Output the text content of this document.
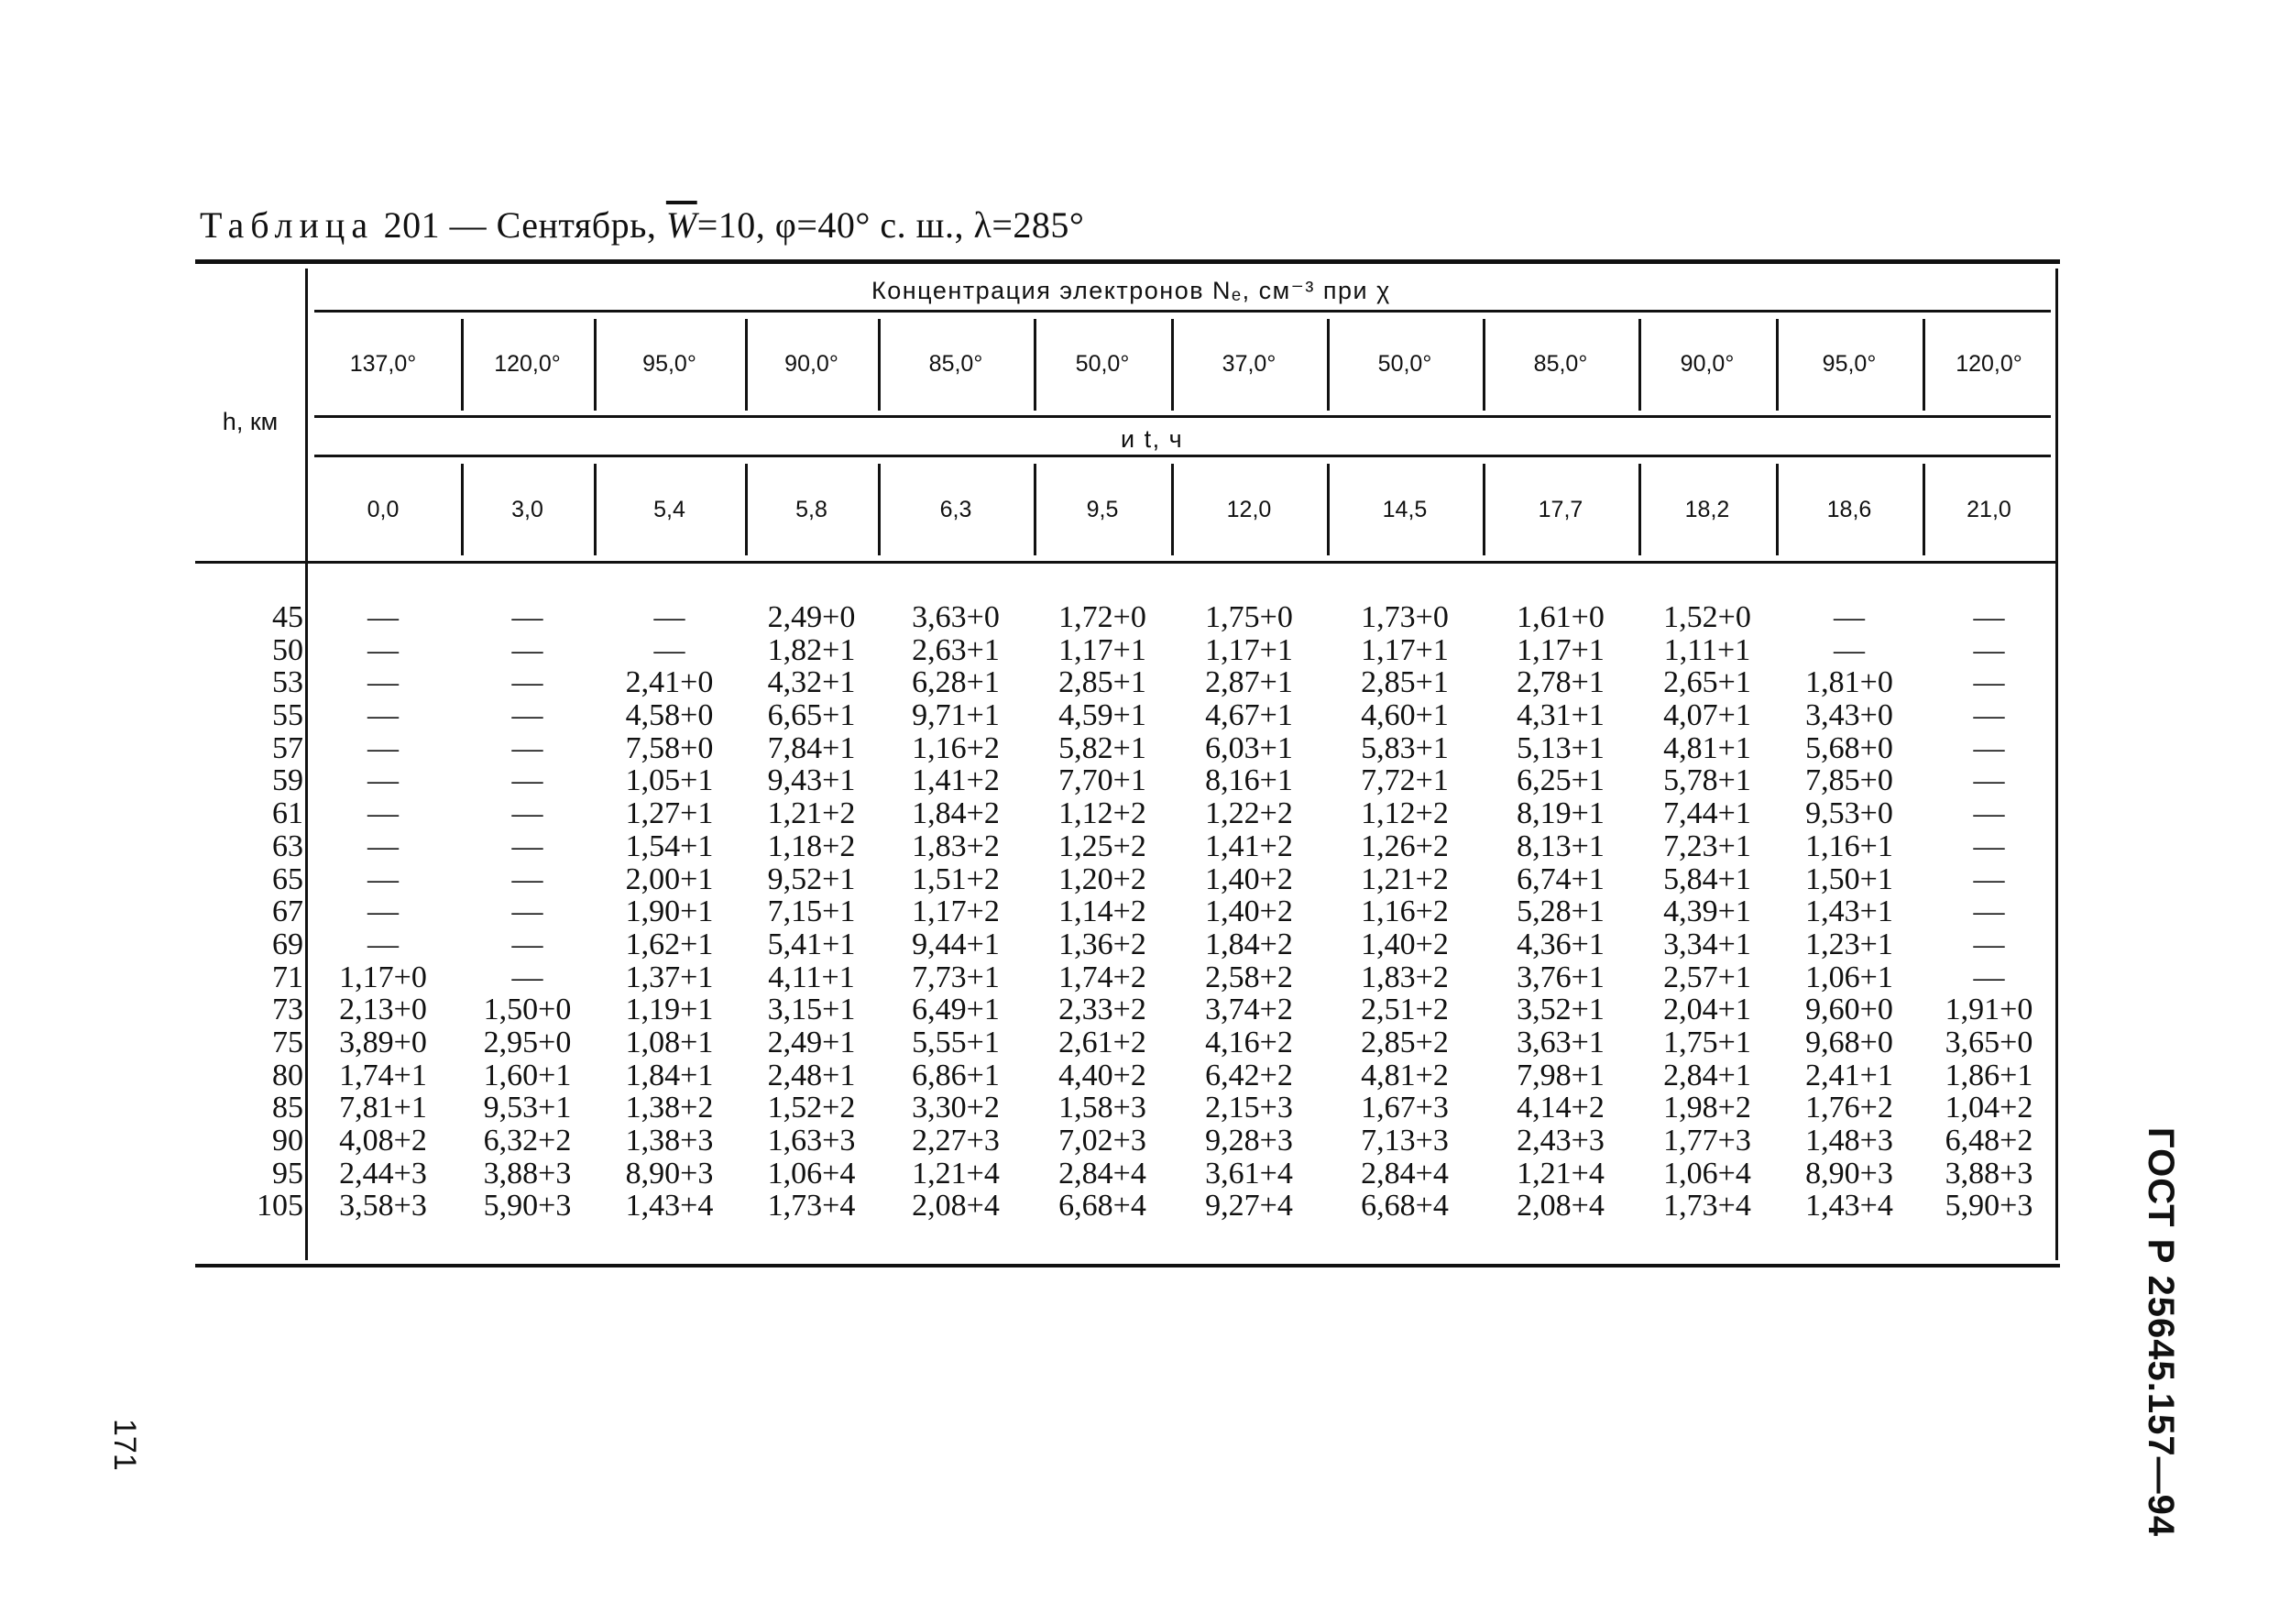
Таблица 201 — Сентябрь, $\overline{W}=10$, φ=40° с. ш., λ=285°
Концентрация электронов Nₑ, см⁻³ при χ
и t, ч
h, км
137,0°
0,0
120,0°
3,0
95,0°
5,4
90,0°
5,8
85,0°
6,3
50,0°
9,5
37,0°
12,0
50,0°
14,5
85,0°
17,7
90,0°
18,2
95,0°
18,6
120,0°
21,0
45
50
53
55
57
59
61
63
65
67
69
71
73
75
80
85
90
95
105
—
—
—
—
—
—
—
—
—
—
—
1,17+0
2,13+0
3,89+0
1,74+1
7,81+1
4,08+2
2,44+3
3,58+3
—
—
—
—
—
—
—
—
—
—
—
—
1,50+0
2,95+0
1,60+1
9,53+1
6,32+2
3,88+3
5,90+3
—
—
2,41+0
4,58+0
7,58+0
1,05+1
1,27+1
1,54+1
2,00+1
1,90+1
1,62+1
1,37+1
1,19+1
1,08+1
1,84+1
1,38+2
1,38+3
8,90+3
1,43+4
2,49+0
1,82+1
4,32+1
6,65+1
7,84+1
9,43+1
1,21+2
1,18+2
9,52+1
7,15+1
5,41+1
4,11+1
3,15+1
2,49+1
2,48+1
1,52+2
1,63+3
1,06+4
1,73+4
3,63+0
2,63+1
6,28+1
9,71+1
1,16+2
1,41+2
1,84+2
1,83+2
1,51+2
1,17+2
9,44+1
7,73+1
6,49+1
5,55+1
6,86+1
3,30+2
2,27+3
1,21+4
2,08+4
1,72+0
1,17+1
2,85+1
4,59+1
5,82+1
7,70+1
1,12+2
1,25+2
1,20+2
1,14+2
1,36+2
1,74+2
2,33+2
2,61+2
4,40+2
1,58+3
7,02+3
2,84+4
6,68+4
1,75+0
1,17+1
2,87+1
4,67+1
6,03+1
8,16+1
1,22+2
1,41+2
1,40+2
1,40+2
1,84+2
2,58+2
3,74+2
4,16+2
6,42+2
2,15+3
9,28+3
3,61+4
9,27+4
1,73+0
1,17+1
2,85+1
4,60+1
5,83+1
7,72+1
1,12+2
1,26+2
1,21+2
1,16+2
1,40+2
1,83+2
2,51+2
2,85+2
4,81+2
1,67+3
7,13+3
2,84+4
6,68+4
1,61+0
1,17+1
2,78+1
4,31+1
5,13+1
6,25+1
8,19+1
8,13+1
6,74+1
5,28+1
4,36+1
3,76+1
3,52+1
3,63+1
7,98+1
4,14+2
2,43+3
1,21+4
2,08+4
1,52+0
1,11+1
2,65+1
4,07+1
4,81+1
5,78+1
7,44+1
7,23+1
5,84+1
4,39+1
3,34+1
2,57+1
2,04+1
1,75+1
2,84+1
1,98+2
1,77+3
1,06+4
1,73+4
—
—
1,81+0
3,43+0
5,68+0
7,85+0
9,53+0
1,16+1
1,50+1
1,43+1
1,23+1
1,06+1
9,60+0
9,68+0
2,41+1
1,76+2
1,48+3
8,90+3
1,43+4
—
—
—
—
—
—
—
—
—
—
—
—
1,91+0
3,65+0
1,86+1
1,04+2
6,48+2
3,88+3
5,90+3	ГОСТ Р 25645.157—94
171
